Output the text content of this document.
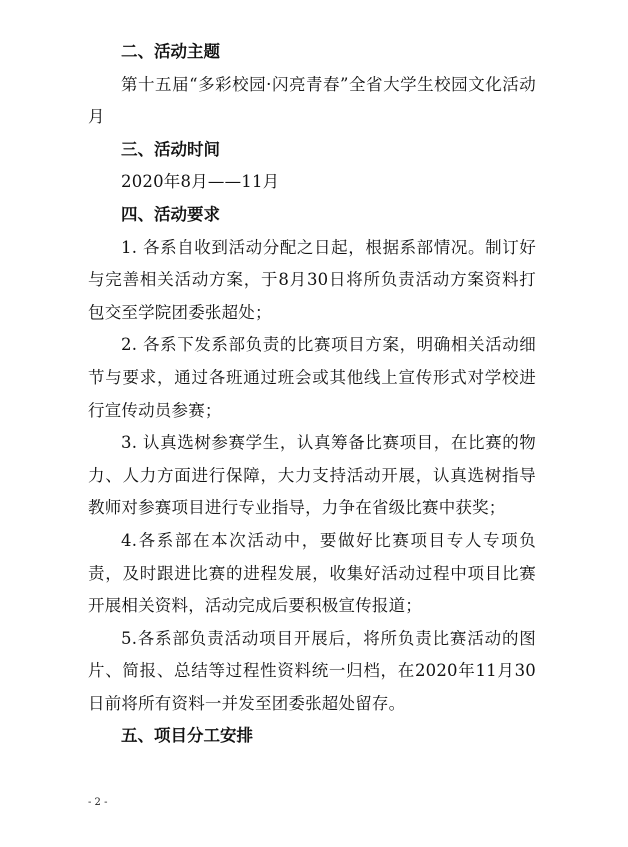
二、活动主题

第十五届“多彩校园·闪亮青春”全省大学生校园文化活动月

三、活动时间

2020年8月——11月

四、活动要求

1. 各系自收到活动分配之日起，根据系部情况。制订好与完善相关活动方案，于8月30日将所负责活动方案资料打包交至学院团委张超处；

2. 各系下发系部负责的比赛项目方案，明确相关活动细节与要求，通过各班通过班会或其他线上宣传形式对学校进行宣传动员参赛；

3. 认真选树参赛学生，认真筹备比赛项目，在比赛的物力、人力方面进行保障，大力支持活动开展，认真选树指导教师对参赛项目进行专业指导，力争在省级比赛中获奖；

4.各系部在本次活动中，要做好比赛项目专人专项负责，及时跟进比赛的进程发展，收集好活动过程中项目比赛开展相关资料，活动完成后要积极宣传报道；

5.各系部负责活动项目开展后，将所负责比赛活动的图片、简报、总结等过程性资料统一归档，在2020年11月30日前将所有资料一并发至团委张超处留存。

五、项目分工安排

- 2 -
